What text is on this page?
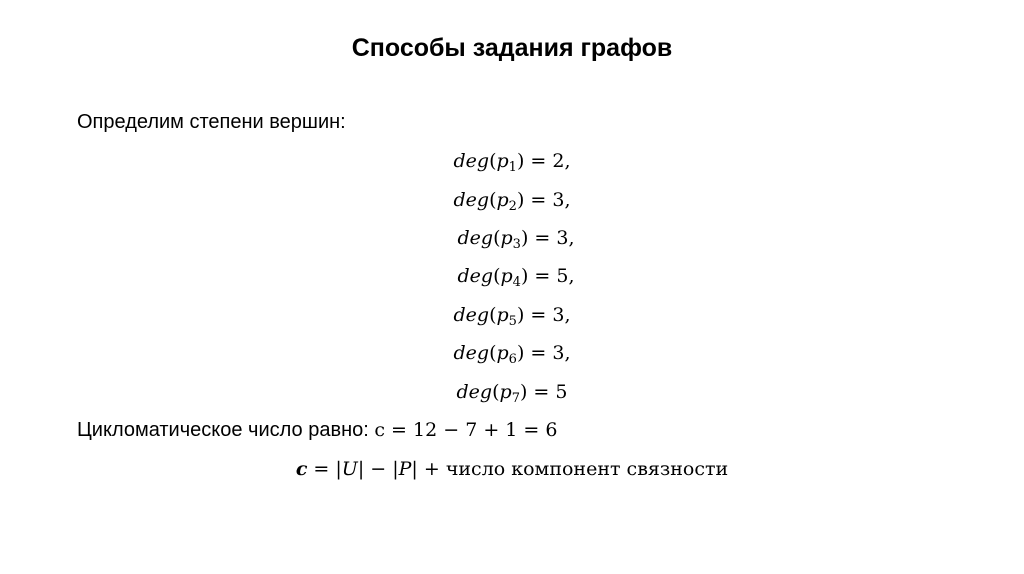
Способы задания графов
Определим степени вершин:
$deg(p_1) = 2$,
$deg(p_2) = 3$,
$deg(p_3) = 3$,
$deg(p_4) = 5$,
$deg(p_5) = 3$,
$deg(p_6) = 3$,
$deg(p_7) = 5$
Цикломатическое число равно: с = 12 − 7 + 1 = 6
c = |U| − |P| + число компонент связности
